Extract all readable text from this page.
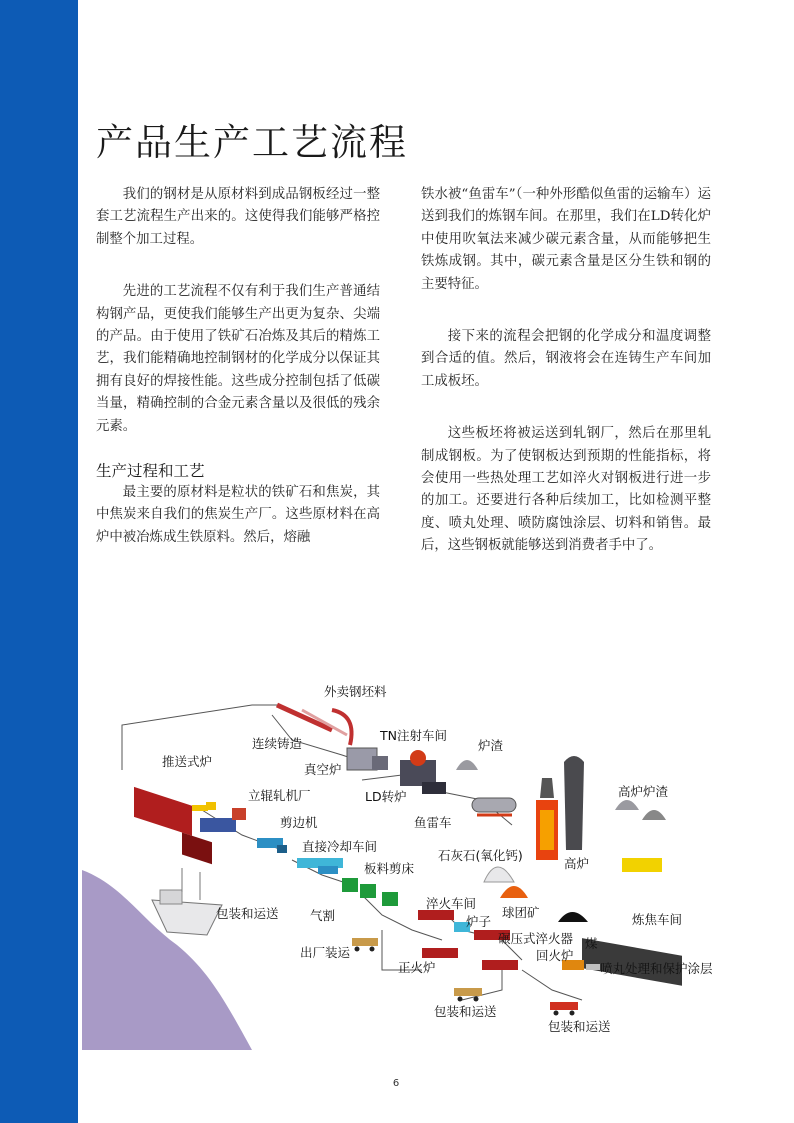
产品生产工艺流程

我们的钢材是从原材料到成品钢板经过一整套工艺流程生产出来的。这使得我们能够严格控制整个加工过程。

先进的工艺流程不仅有利于我们生产普通结构钢产品，更使我们能够生产出更为复杂、尖端的产品。由于使用了铁矿石冶炼及其后的精炼工艺，我们能精确地控制钢材的化学成分以保证其拥有良好的焊接性能。这些成分控制包括了低碳当量，精确控制的合金元素含量以及很低的残余元素。

生产过程和工艺

最主要的原材料是粒状的铁矿石和焦炭，其中焦炭来自我们的焦炭生产厂。这些原材料在高炉中被冶炼成生铁原料。然后，熔融

铁水被“鱼雷车”（一种外形酷似鱼雷的运输车）运送到我们的炼钢车间。在那里，我们在LD转化炉中使用吹氧法来减少碳元素含量，从而能够把生铁炼成钢。其中，碳元素含量是区分生铁和钢的主要特征。

接下来的流程会把钢的化学成分和温度调整到合适的值。然后，钢液将会在连铸生产车间加工成板坯。

这些板坯将被运送到轧钢厂，然后在那里轧制成钢板。为了使钢板达到预期的性能指标，将会使用一些热处理工艺如淬火对钢板进行进一步的加工。还要进行各种后续加工，比如检测平整度、喷丸处理、喷防腐蚀涂层、切料和销售。最后，这些钢板就能够送到消费者手中了。

外卖钢坯料
连续铸造
TN注射车间
炉渣
推送式炉
真空炉
LD转炉	高炉炉渣
立辊轧机厂
剪边机	鱼雷车
直接冷却车间
石灰石(氧化钙)
高炉
板料剪床
包装和运送
淬火车间
球团矿	炼焦车间
气割	炉子
碾压式淬火器 煤
出厂装运	回火炉
正火炉	喷丸处理和保护涂层
包装和运送
包装和运送
6
